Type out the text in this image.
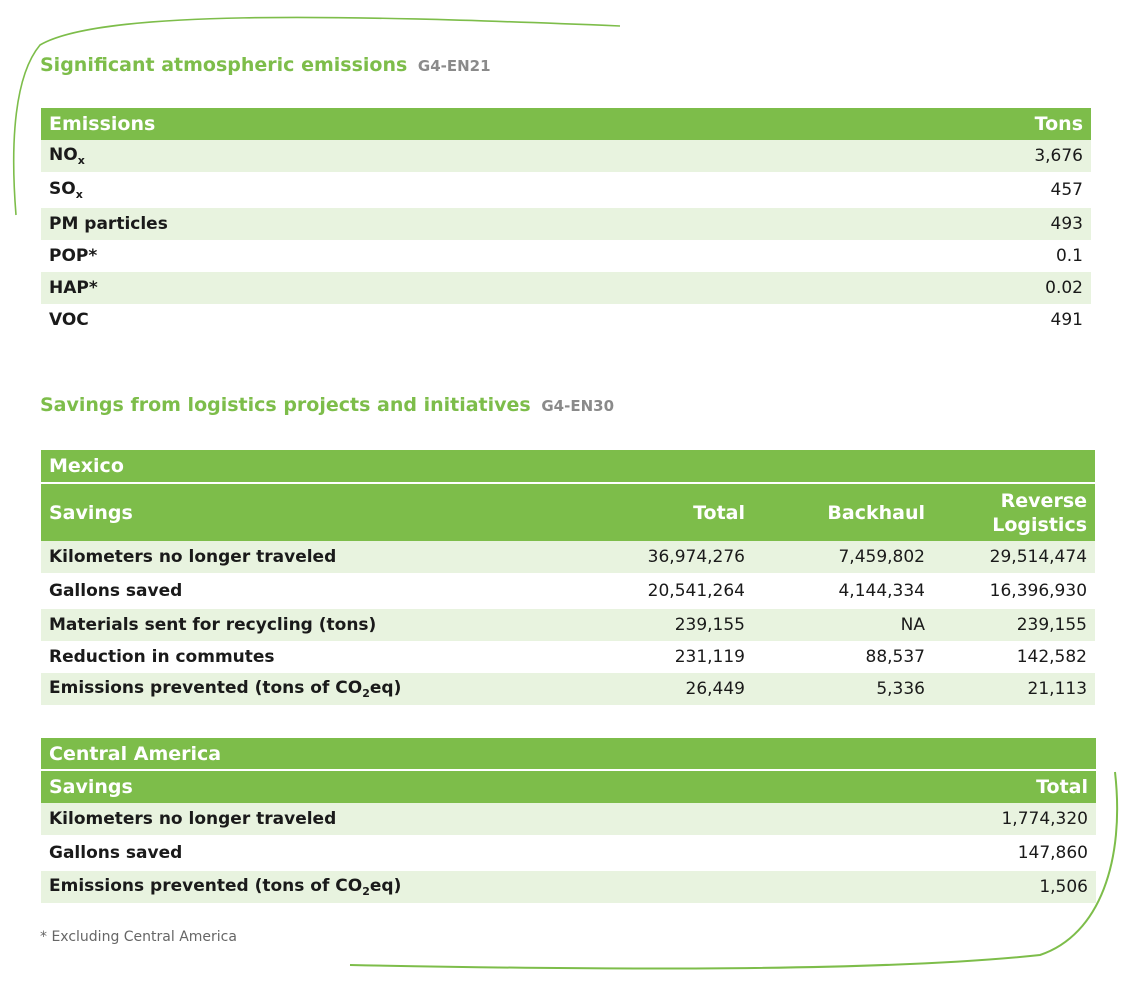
Significant atmospheric emissions G4-EN21
Emissions	Tons
$NO_x$	3,676
$SO_x$	457
PM particles	493
POP*	0.1
HAP*	0.02
VOC	491
Savings from logistics projects and initiatives G4-EN30
Mexico			
Savings	Total	Backhaul	Reverse
Logistics
Kilometers no longer traveled	36,974,276	7,459,802	29,514,474
Gallons saved	20,541,264	4,144,334	16,396,930
Materials sent for recycling (tons)	239,155	NA	239,155
Reduction in commutes	231,119	88,537	142,582
Emissions prevented (tons of $CO_2eq$)	26,449	5,336	21,113
Central America	
Savings	Total
Kilometers no longer traveled	1,774,320
Gallons saved	147,860
Emissions prevented (tons of $CO_2eq$)	1,506

* Excluding Central America
